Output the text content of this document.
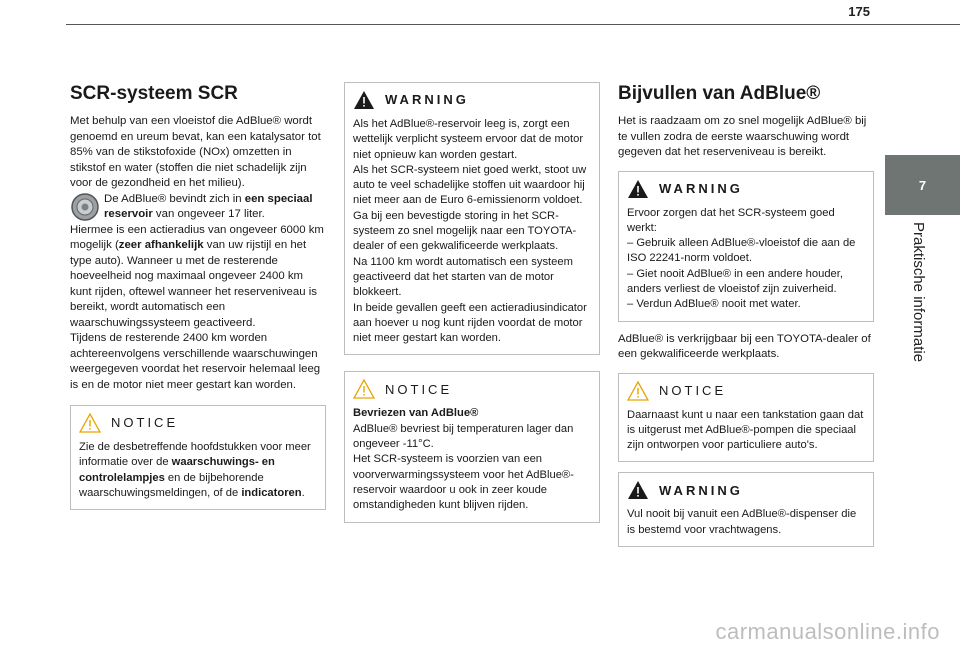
175
7
Praktische informatie
SCR-systeem SCR

Met behulp van een vloeistof die AdBlue® wordt genoemd en ureum bevat, kan een katalysator tot 85% van de stikstofoxide (NOx) omzetten in stikstof en water (stoffen die niet schadelijk zijn voor de gezondheid en het milieu).

De AdBlue® bevindt zich in een speciaal reservoir van ongeveer 17 liter.

Hiermee is een actieradius van ongeveer 6000 km mogelijk (zeer afhankelijk van uw rijstijl en het type auto). Wanneer u met de resterende hoeveelheid nog maximaal ongeveer 2400 km kunt rijden, oftewel wanneer het reserveniveau is bereikt, wordt automatisch een waarschuwingssysteem geactiveerd.

Tijdens de resterende 2400 km worden achtereenvolgens verschillende waarschuwingen weergegeven voordat het reservoir helemaal leeg is en de motor niet meer gestart kan worden.

NOTICE

Zie de desbetreffende hoofdstukken voor meer informatie over de waarschuwings- en controlelampjes en de bijbehorende waarschuwingsmeldingen, of de indicatoren.

WARNING

Als het AdBlue®-reservoir leeg is, zorgt een wettelijk verplicht systeem ervoor dat de motor niet opnieuw kan worden gestart.

Als het SCR-systeem niet goed werkt, stoot uw auto te veel schadelijke stoffen uit waardoor hij niet meer aan de Euro 6-emissienorm voldoet.

Ga bij een bevestigde storing in het SCR-systeem zo snel mogelijk naar een TOYOTA-dealer of een gekwalificeerde werkplaats.

Na 1100 km wordt automatisch een systeem geactiveerd dat het starten van de motor blokkeert.

In beide gevallen geeft een actieradiusindicator aan hoever u nog kunt rijden voordat de motor niet meer gestart kan worden.

NOTICE

Bevriezen van AdBlue®

AdBlue® bevriest bij temperaturen lager dan ongeveer -11°C.

Het SCR-systeem is voorzien van een voorverwarmingssysteem voor het AdBlue®-reservoir waardoor u ook in zeer koude omstandigheden kunt blijven rijden.

Bijvullen van AdBlue®

Het is raadzaam om zo snel mogelijk AdBlue® bij te vullen zodra de eerste waarschuwing wordt gegeven dat het reserveniveau is bereikt.

WARNING

Ervoor zorgen dat het SCR-systeem goed werkt:

– Gebruik alleen AdBlue®-vloeistof die aan de ISO 22241-norm voldoet.

– Giet nooit AdBlue® in een andere houder, anders verliest de vloeistof zijn zuiverheid.

– Verdun AdBlue® nooit met water.

AdBlue® is verkrijgbaar bij een TOYOTA-dealer of een gekwalificeerde werkplaats.

NOTICE

Daarnaast kunt u naar een tankstation gaan dat is uitgerust met AdBlue®-pompen die speciaal zijn ontworpen voor particuliere auto's.

WARNING

Vul nooit bij vanuit een AdBlue®-dispenser die is bestemd voor vrachtwagens.

carmanualsonline.info
